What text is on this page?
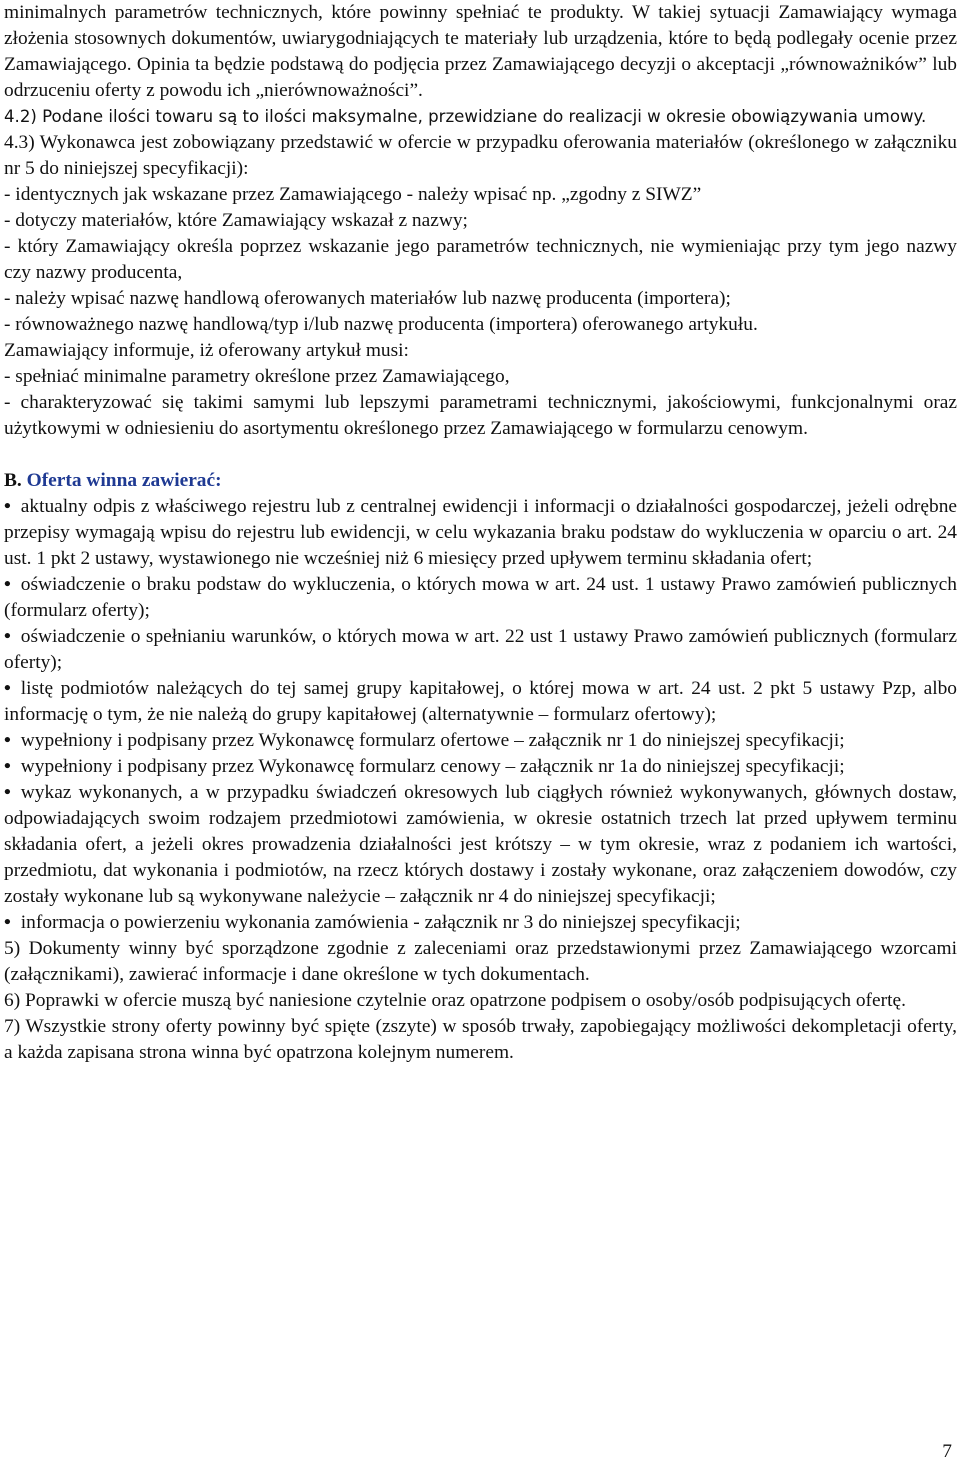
minimalnych parametrów technicznych, które powinny spełniać te produkty. W takiej sytuacji Zamawiający wymaga złożenia stosownych dokumentów, uwiarygodniających te materiały lub urządzenia, które to będą podlegały ocenie przez Zamawiającego. Opinia ta będzie podstawą do podjęcia przez Zamawiającego decyzji o akceptacji „równoważników” lub odrzuceniu oferty z powodu ich „nierównoważności”.

4.2) Podane ilości towaru są to ilości maksymalne, przewidziane do realizacji w okresie obowiązywania umowy.

4.3) Wykonawca jest zobowiązany przedstawić w ofercie w przypadku oferowania materiałów (określonego w załączniku nr 5 do niniejszej specyfikacji):

- identycznych jak wskazane przez Zamawiającego - należy wpisać np. „zgodny z SIWZ”

- dotyczy materiałów, które Zamawiający wskazał z nazwy;

- który Zamawiający określa poprzez wskazanie jego parametrów technicznych, nie wymieniając przy tym jego nazwy czy nazwy producenta,

- należy wpisać nazwę handlową oferowanych materiałów lub nazwę producenta (importera);

- równoważnego nazwę handlową/typ i/lub nazwę producenta (importera) oferowanego artykułu.

Zamawiający informuje, iż oferowany artykuł musi:

- spełniać minimalne parametry określone przez Zamawiającego,

- charakteryzować się takimi samymi lub lepszymi parametrami technicznymi, jakościowymi, funkcjonalnymi oraz użytkowymi w odniesieniu do asortymentu określonego przez Zamawiającego w formularzu cenowym.

B. Oferta winna zawierać:

• aktualny odpis z właściwego rejestru lub z centralnej ewidencji i informacji o działalności gospodarczej, jeżeli odrębne przepisy wymagają wpisu do rejestru lub ewidencji, w celu wykazania braku podstaw do wykluczenia w oparciu o art. 24 ust. 1 pkt 2 ustawy, wystawionego nie wcześniej niż 6 miesięcy przed upływem terminu składania ofert;

• oświadczenie o braku podstaw do wykluczenia, o których mowa w art. 24 ust. 1 ustawy Prawo zamówień publicznych (formularz oferty);

• oświadczenie o spełnianiu warunków, o których mowa w art. 22 ust 1 ustawy Prawo zamówień publicznych (formularz oferty);

• listę podmiotów należących do tej samej grupy kapitałowej, o której mowa w art. 24 ust. 2 pkt 5 ustawy Pzp, albo informację o tym, że nie należą do grupy kapitałowej (alternatywnie – formularz ofertowy);

• wypełniony i podpisany przez Wykonawcę formularz ofertowe – załącznik nr 1 do niniejszej specyfikacji;

• wypełniony i podpisany przez Wykonawcę formularz cenowy – załącznik nr 1a do niniejszej specyfikacji;

• wykaz wykonanych, a w przypadku świadczeń okresowych lub ciągłych również wykonywanych, głównych dostaw, odpowiadających swoim rodzajem przedmiotowi zamówienia, w okresie ostatnich trzech lat przed upływem terminu składania ofert, a jeżeli okres prowadzenia działalności jest krótszy – w tym okresie, wraz z podaniem ich wartości, przedmiotu, dat wykonania i podmiotów, na rzecz których dostawy i zostały wykonane, oraz załączeniem dowodów, czy zostały wykonane lub są wykonywane należycie – załącznik nr 4 do niniejszej specyfikacji;

• informacja o powierzeniu wykonania zamówienia - załącznik nr 3 do niniejszej specyfikacji;

5) Dokumenty winny być sporządzone zgodnie z zaleceniami oraz przedstawionymi przez Zamawiającego wzorcami (załącznikami), zawierać informacje i dane określone w tych dokumentach.

6) Poprawki w ofercie muszą być naniesione czytelnie oraz opatrzone podpisem o osoby/osób podpisujących ofertę.

7) Wszystkie strony oferty powinny być spięte (zszyte) w sposób trwały, zapobiegający możliwości dekompletacji oferty, a każda zapisana strona winna być opatrzona kolejnym numerem.

7
